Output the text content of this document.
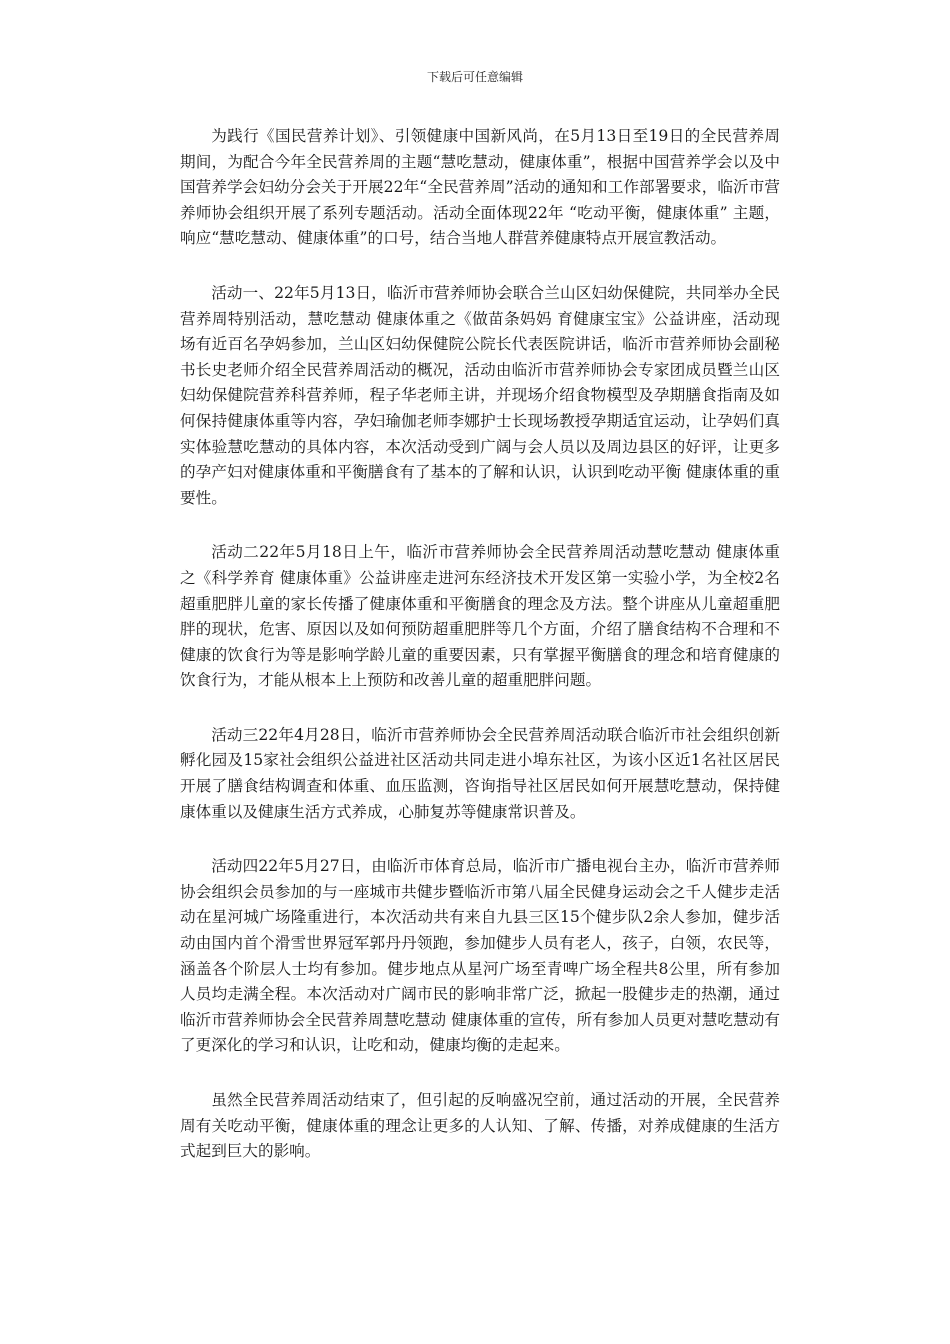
下载后可任意编辑

为践行《国民营养计划》、引领健康中国新风尚，在5月13日至19日的全民营养周期间，为配合今年全民营养周的主题“慧吃慧动，健康体重”，根据中国营养学会以及中国营养学会妇幼分会关于开展22年“全民营养周”活动的通知和工作部署要求，临沂市营养师协会组织开展了系列专题活动。活动全面体现22年 “吃动平衡，健康体重” 主题，响应“慧吃慧动、健康体重”的口号，结合当地人群营养健康特点开展宣教活动。

活动一、22年5月13日，临沂市营养师协会联合兰山区妇幼保健院，共同举办全民营养周特别活动，慧吃慧动 健康体重之《做苗条妈妈 育健康宝宝》公益讲座，活动现场有近百名孕妈参加，兰山区妇幼保健院公院长代表医院讲话，临沂市营养师协会副秘书长史老师介绍全民营养周活动的概况，活动由临沂市营养师协会专家团成员暨兰山区妇幼保健院营养科营养师，程子华老师主讲，并现场介绍食物模型及孕期膳食指南及如何保持健康体重等内容，孕妇瑜伽老师李娜护士长现场教授孕期适宜运动，让孕妈们真实体验慧吃慧动的具体内容，本次活动受到广阔与会人员以及周边县区的好评，让更多的孕产妇对健康体重和平衡膳食有了基本的了解和认识，认识到吃动平衡 健康体重的重要性。

活动二22年5月18日上午，临沂市营养师协会全民营养周活动慧吃慧动 健康体重之《科学养育 健康体重》公益讲座走进河东经济技术开发区第一实验小学，为全校2名超重肥胖儿童的家长传播了健康体重和平衡膳食的理念及方法。整个讲座从儿童超重肥胖的现状，危害、原因以及如何预防超重肥胖等几个方面，介绍了膳食结构不合理和不健康的饮食行为等是影响学龄儿童的重要因素，只有掌握平衡膳食的理念和培育健康的饮食行为，才能从根本上上预防和改善儿童的超重肥胖问题。

活动三22年4月28日，临沂市营养师协会全民营养周活动联合临沂市社会组织创新孵化园及15家社会组织公益进社区活动共同走进小埠东社区，为该小区近1名社区居民开展了膳食结构调查和体重、血压监测，咨询指导社区居民如何开展慧吃慧动，保持健康体重以及健康生活方式养成，心肺复苏等健康常识普及。

活动四22年5月27日，由临沂市体育总局，临沂市广播电视台主办，临沂市营养师协会组织会员参加的与一座城市共健步暨临沂市第八届全民健身运动会之千人健步走活动在星河城广场隆重进行，本次活动共有来自九县三区15个健步队2余人参加，健步活动由国内首个滑雪世界冠军郭丹丹领跑，参加健步人员有老人，孩子，白领，农民等，涵盖各个阶层人士均有参加。健步地点从星河广场至青啤广场全程共8公里，所有参加人员均走满全程。本次活动对广阔市民的影响非常广泛，掀起一股健步走的热潮，通过临沂市营养师协会全民营养周慧吃慧动 健康体重的宣传，所有参加人员更对慧吃慧动有了更深化的学习和认识，让吃和动，健康均衡的走起来。

虽然全民营养周活动结束了，但引起的反响盛况空前，通过活动的开展，全民营养周有关吃动平衡，健康体重的理念让更多的人认知、了解、传播，对养成健康的生活方式起到巨大的影响。
